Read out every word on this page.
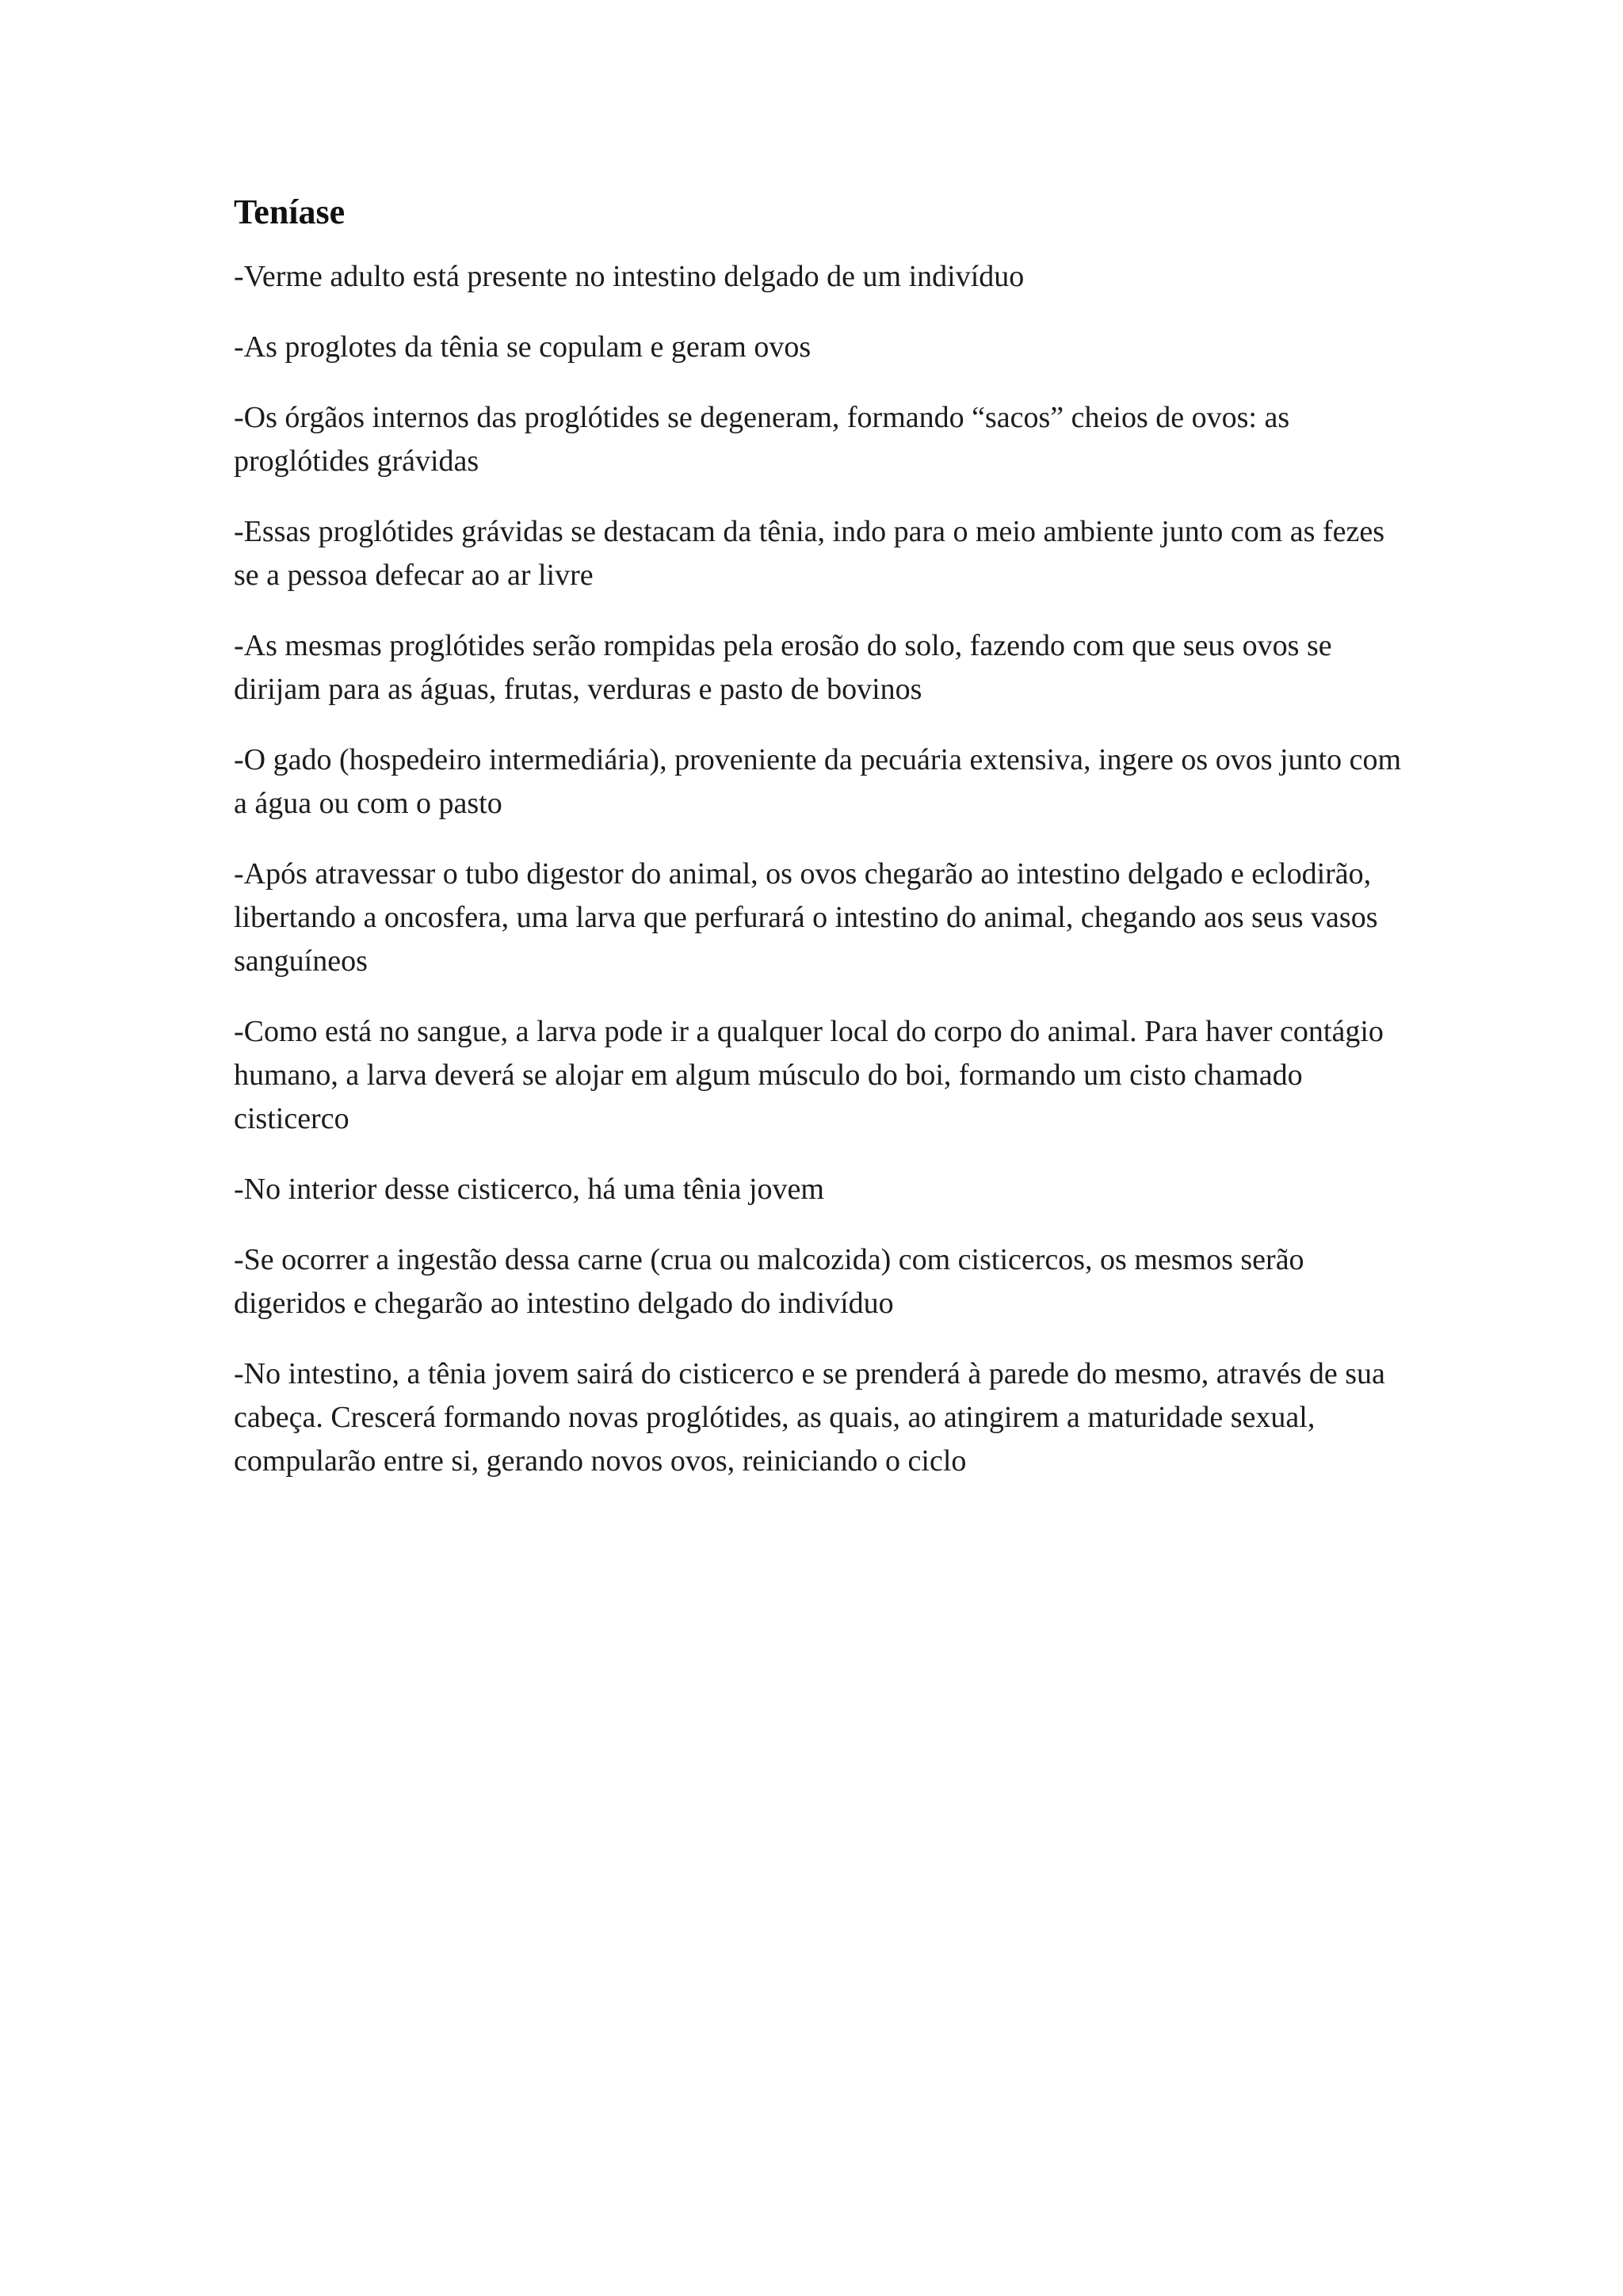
Teníase

-Verme adulto está presente no intestino delgado de um indivíduo

-As proglotes da tênia se copulam e geram ovos

-Os órgãos internos das proglótides se degeneram, formando “sacos” cheios de ovos: as proglótides grávidas

-Essas proglótides grávidas se destacam da tênia, indo para o meio ambiente junto com as fezes se a pessoa defecar ao ar livre

-As mesmas proglótides serão rompidas pela erosão do solo, fazendo com que seus ovos se dirijam para as águas, frutas, verduras e pasto de bovinos

-O gado (hospedeiro intermediária), proveniente da pecuária extensiva, ingere os ovos junto com a água ou com o pasto

-Após atravessar o tubo digestor do animal, os ovos chegarão ao intestino delgado e eclodirão, libertando a oncosfera, uma larva que perfurará o intestino do animal, chegando aos seus vasos sanguíneos

-Como está no sangue, a larva pode ir a qualquer local do corpo do animal. Para haver contágio humano, a larva deverá se alojar em algum músculo do boi, formando um cisto chamado cisticerco

-No interior desse cisticerco, há uma tênia jovem

-Se ocorrer a ingestão dessa carne (crua ou malcozida) com cisticercos, os mesmos serão digeridos e chegarão ao intestino delgado do indivíduo

-No intestino, a tênia jovem sairá do cisticerco e se prenderá à parede do mesmo, através de sua cabeça. Crescerá formando novas proglótides, as quais, ao atingirem a maturidade sexual, compularão entre si, gerando novos ovos, reiniciando o ciclo
